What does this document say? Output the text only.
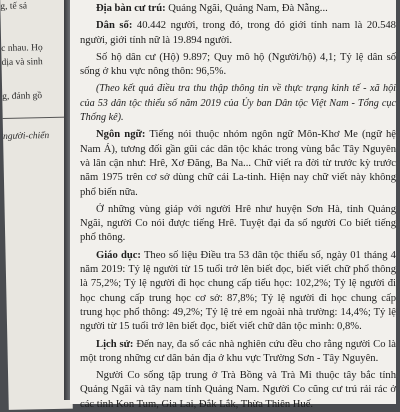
g, tế sả
c nhau. Họ
dịa và sinh
g, đánh gồ
người-chiến

Địa bàn cư trú: Quảng Ngãi, Quảng Nam, Đà Nẵng...

Dân số: 40.442 người, trong đó, trong đó giới tính nam là 20.548 người, giới tính nữ là 19.894 người.

Số hộ dân cư (Hộ) 9.897; Quy mô hộ (Người/hộ) 4,1; Tỷ lệ dân số sống ở khu vực nông thôn: 96,5%.

(Theo kết quả điều tra thu thập thông tin về thực trạng kinh tế - xã hội của 53 dân tộc thiểu số năm 2019 của Ủy ban Dân tộc Việt Nam - Tổng cục Thống kê).

Ngôn ngữ: Tiếng nói thuộc nhóm ngôn ngữ Môn-Khơ Me (ngữ hệ Nam Á), tương đối gần gũi các dân tộc khác trong vùng bắc Tây Nguyên và lân cận như: Hrê, Xơ Đăng, Ba Na... Chữ viết ra đời từ trước kỳ trước năm 1975 trên cơ sở dùng chữ cái La-tinh. Hiện nay chữ viết này không phổ biến nữa.

Ở những vùng giáp với người Hrê như huyện Sơn Hà, tỉnh Quảng Ngãi, người Co nói được tiếng Hrê. Tuyệt đại đa số người Co biết tiếng phổ thông.

Giáo dục: Theo số liệu Điều tra 53 dân tộc thiểu số, ngày 01 tháng 4 năm 2019: Tỷ lệ người từ 15 tuổi trở lên biết đọc, biết viết chữ phổ thông là 75,2%; Tỷ lệ người đi học chung cấp tiểu học: 102,2%; Tỷ lệ người đi học chung cấp trung học cơ sở: 87,8%; Tỷ lệ người đi học chung cấp trung học phổ thông: 49,2%; Tỷ lệ trẻ em ngoài nhà trường: 14,4%; Tỷ lệ người từ 15 tuổi trở lên biết đọc, biết viết chữ dân tộc mình: 0,8%.

Lịch sử: Đến nay, đa số các nhà nghiên cứu đều cho rằng người Co là một trong những cư dân bản địa ở khu vực Trường Sơn - Tây Nguyên.

Người Co sống tập trung ở Trà Bồng và Trà Mi thuộc tây bắc tỉnh Quảng Ngãi và tây nam tỉnh Quảng Nam. Người Co cũng cư trú rải rác ở các tỉnh Kon Tum, Gia Lai, Đắk Lắk, Thừa Thiên Huế.
